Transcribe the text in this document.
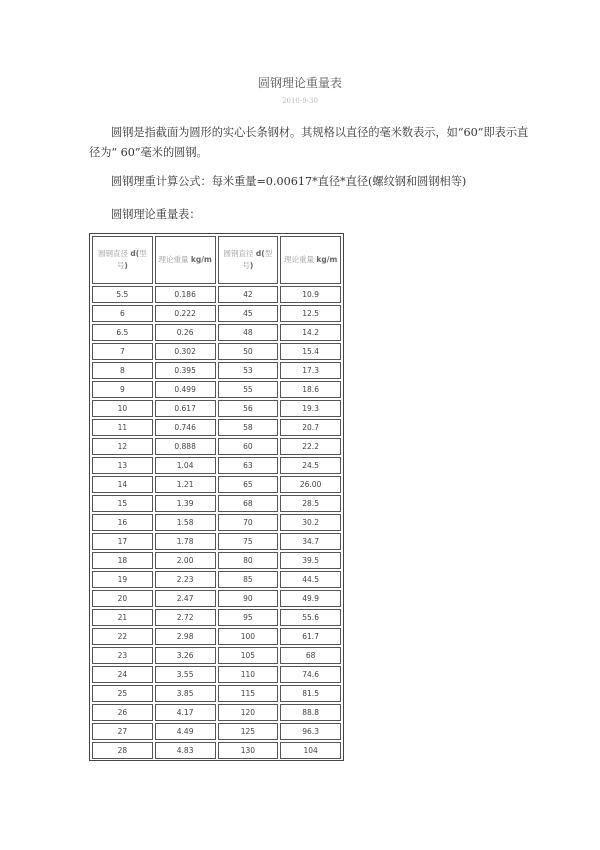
圆钢理论重量表
2010-9-30

圆钢是指截面为圆形的实心长条钢材。其规格以直径的毫米数表示，如“60”即表示直径为“ 60”毫米的圆钢。

圆钢理重计算公式：每米重量=0.00617*直径*直径(螺纹钢和圆钢相等)

圆钢理论重量表：

圆钢直径 d(型号)	理论重量 kg/m	圆钢直径 d(型号)	理论重量 kg/m
5.5	0.186	42	10.9
6	0.222	45	12.5
6.5	0.26	48	14.2
7	0.302	50	15.4
8	0.395	53	17.3
9	0.499	55	18.6
10	0.617	56	19.3
11	0.746	58	20.7
12	0.888	60	22.2
13	1.04	63	24.5
14	1.21	65	26.00
15	1.39	68	28.5
16	1.58	70	30.2
17	1.78	75	34.7
18	2.00	80	39.5
19	2.23	85	44.5
20	2.47	90	49.9
21	2.72	95	55.6
22	2.98	100	61.7
23	3.26	105	68
24	3.55	110	74.6
25	3.85	115	81.5
26	4.17	120	88.8
27	4.49	125	96.3
28	4.83	130	104
